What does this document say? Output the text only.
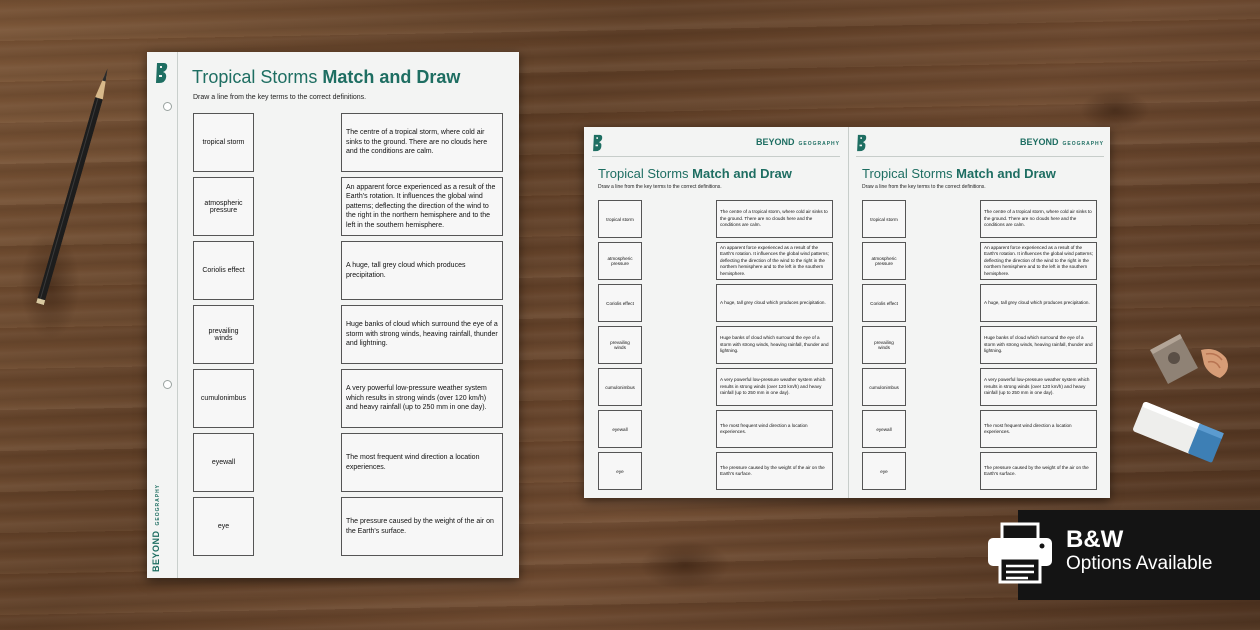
BEYONDGEOGRAPHY
Tropical Storms Match and Draw
Draw a line from the key terms to the correct definitions.
tropical storm
atmospheric pressure
Coriolis effect
prevailing winds
cumulonimbus
eyewall
eye
The centre of a tropical storm, where cold air sinks to the ground. There are no clouds here and the conditions are calm.
An apparent force experienced as a result of the Earth's rotation. It influences the global wind patterns; deflecting the direction of the wind to the right in the northern hemisphere and to the left in the southern hemisphere.
A huge, tall grey cloud which produces precipitation.
Huge banks of cloud which surround the eye of a storm with strong winds, heaving rainfall, thunder and lightning.
A very powerful low-pressure weather system which results in strong winds (over 120 km/h) and heavy rainfall (up to 250 mm in one day).
The most frequent wind direction a location experiences.
The pressure caused by the weight of the air on the Earth's surface.
BEYOND GEOGRAPHY
Tropical Storms Match and Draw
Draw a line from the key terms to the correct definitions.
tropical storm
atmospheric pressure
Coriolis effect
prevailing winds
cumulonimbus
eyewall
eye
The centre of a tropical storm, where cold air sinks to the ground. There are no clouds here and the conditions are calm.
An apparent force experienced as a result of the Earth's rotation. It influences the global wind patterns; deflecting the direction of the wind to the right in the northern hemisphere and to the left in the southern hemisphere.
A huge, tall grey cloud which produces precipitation.
Huge banks of cloud which surround the eye of a storm with strong winds, heaving rainfall, thunder and lightning.
A very powerful low-pressure weather system which results in strong winds (over 120 km/h) and heavy rainfall (up to 250 mm in one day).
The most frequent wind direction a location experiences.
The pressure caused by the weight of the air on the Earth's surface.
BEYOND GEOGRAPHY
Tropical Storms Match and Draw
Draw a line from the key terms to the correct definitions.
tropical storm
atmospheric pressure
Coriolis effect
prevailing winds
cumulonimbus
eyewall
eye
The centre of a tropical storm, where cold air sinks to the ground. There are no clouds here and the conditions are calm.
An apparent force experienced as a result of the Earth's rotation. It influences the global wind patterns; deflecting the direction of the wind to the right in the northern hemisphere and to the left in the southern hemisphere.
A huge, tall grey cloud which produces precipitation.
Huge banks of cloud which surround the eye of a storm with strong winds, heaving rainfall, thunder and lightning.
A very powerful low-pressure weather system which results in strong winds (over 120 km/h) and heavy rainfall (up to 250 mm in one day).
The most frequent wind direction a location experiences.
The pressure caused by the weight of the air on the Earth's surface.
B&W
Options Available
